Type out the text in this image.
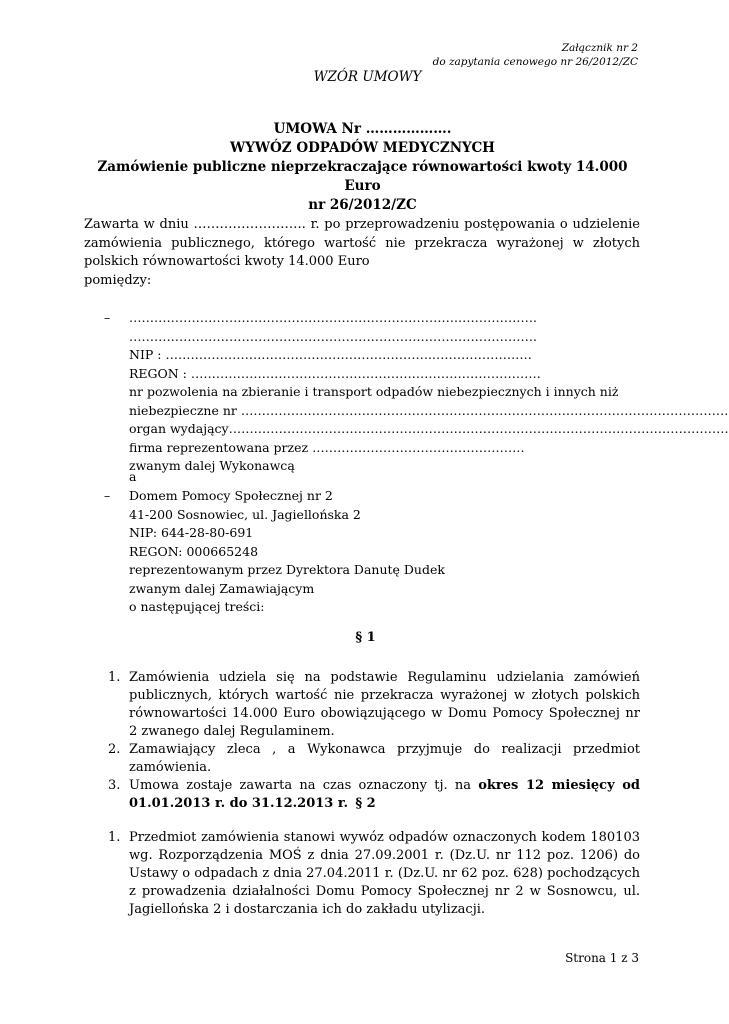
Załącznik nr 2
do zapytania cenowego nr 26/2012/ZC
WZÓR UMOWY
UMOWA Nr ……………….
WYWÓZ ODPADÓW MEDYCZNYCH
Zamówienie publiczne nieprzekraczające równowartości kwoty 14.000 Euro
nr 26/2012/ZC

Zawarta w dniu …………………….. r. po przeprowadzeniu postępowania o udzielenie zamówienia publicznego, którego wartość nie przekracza wyrażonej w złotych polskich równowartości kwoty 14.000 Euro

pomiędzy:

– …………………………………………………………………….……………….
…………………………………………………………….……………………….
NIP : ……………………………………………………….……………………
REGON : …………………………………………………………………………
nr pozwolenia na zbieranie i transport odpadów niebezpiecznych i innych niż
niebezpieczne nr ………………………………………………………………………………………………………
organ wydający…………………………………………………………………………………………………………
firma reprezentowana przez ……………………………………………
zwanym dalej Wykonawcą
a
– Domem Pomocy Społecznej nr 2
41-200 Sosnowiec, ul. Jagiellońska 2
NIP: 644-28-80-691
REGON: 000665248
reprezentowanym przez Dyrektora Danutę Dudek
zwanym dalej Zamawiającym
o następującej treści:
§ 1
1. Zamówienia udziela się na podstawie Regulaminu udzielania zamówień publicznych, których wartość nie przekracza wyrażonej w złotych polskich równowartości 14.000 Euro obowiązującego w Domu Pomocy Społecznej nr 2 zwanego dalej Regulaminem.
2. Zamawiający zleca , a Wykonawca przyjmuje do realizacji przedmiot zamówienia.
3. Umowa zostaje zawarta na czas oznaczony tj. na okres 12 miesięcy od 01.01.2013 r. do 31.12.2013 r. § 2
1. Przedmiot zamówienia stanowi wywóz odpadów oznaczonych kodem 180103 wg. Rozporządzenia MOŚ z dnia 27.09.2001 r. (Dz.U. nr 112 poz. 1206) do Ustawy o odpadach z dnia 27.04.2011 r. (Dz.U. nr 62 poz. 628) pochodzących z prowadzenia działalności Domu Pomocy Społecznej nr 2 w Sosnowcu, ul. Jagiellońska 2 i dostarczania ich do zakładu utylizacji.
Strona 1 z 3
